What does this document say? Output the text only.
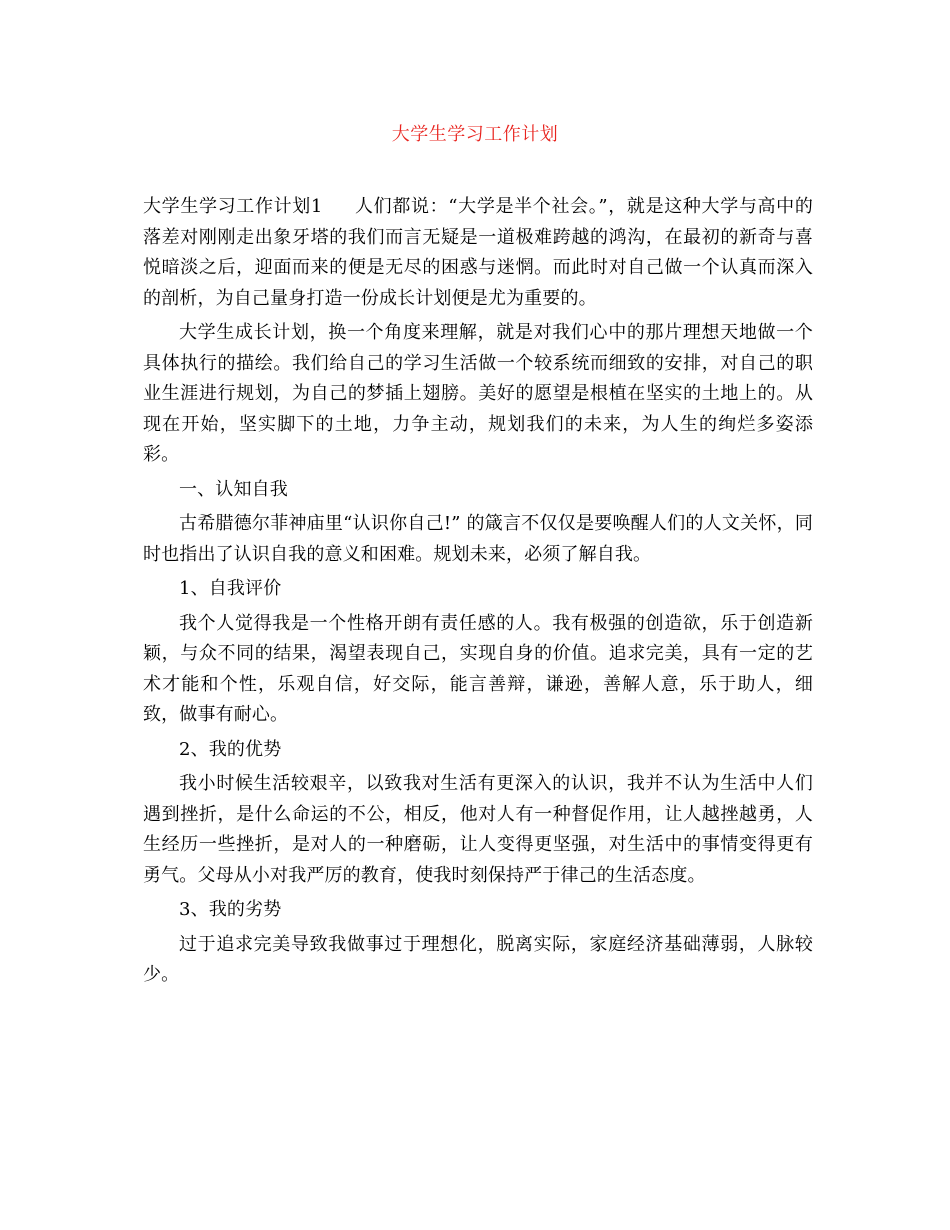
大学生学习工作计划

大学生学习工作计划1 人们都说：“大学是半个社会。”，就是这种大学与高中的落差对刚刚走出象牙塔的我们而言无疑是一道极难跨越的鸿沟，在最初的新奇与喜悦暗淡之后，迎面而来的便是无尽的困惑与迷惘。而此时对自己做一个认真而深入的剖析，为自己量身打造一份成长计划便是尤为重要的。

大学生成长计划，换一个角度来理解，就是对我们心中的那片理想天地做一个具体执行的描绘。我们给自己的学习生活做一个较系统而细致的安排，对自己的职业生涯进行规划，为自己的梦插上翅膀。美好的愿望是根植在坚实的土地上的。从现在开始，坚实脚下的土地，力争主动，规划我们的未来，为人生的绚烂多姿添彩。

一、认知自我

古希腊德尔菲神庙里“认识你自己!” 的箴言不仅仅是要唤醒人们的人文关怀，同时也指出了认识自我的意义和困难。规划未来，必须了解自我。

1、自我评价

我个人觉得我是一个性格开朗有责任感的人。我有极强的创造欲，乐于创造新颖，与众不同的结果，渴望表现自己，实现自身的价值。追求完美，具有一定的艺术才能和个性，乐观自信，好交际，能言善辩，谦逊，善解人意，乐于助人，细致，做事有耐心。

2、我的优势

我小时候生活较艰辛，以致我对生活有更深入的认识，我并不认为生活中人们遇到挫折，是什么命运的不公，相反，他对人有一种督促作用，让人越挫越勇，人生经历一些挫折，是对人的一种磨砺，让人变得更坚强，对生活中的事情变得更有勇气。父母从小对我严厉的教育，使我时刻保持严于律己的生活态度。

3、我的劣势

过于追求完美导致我做事过于理想化，脱离实际，家庭经济基础薄弱，人脉较少。
